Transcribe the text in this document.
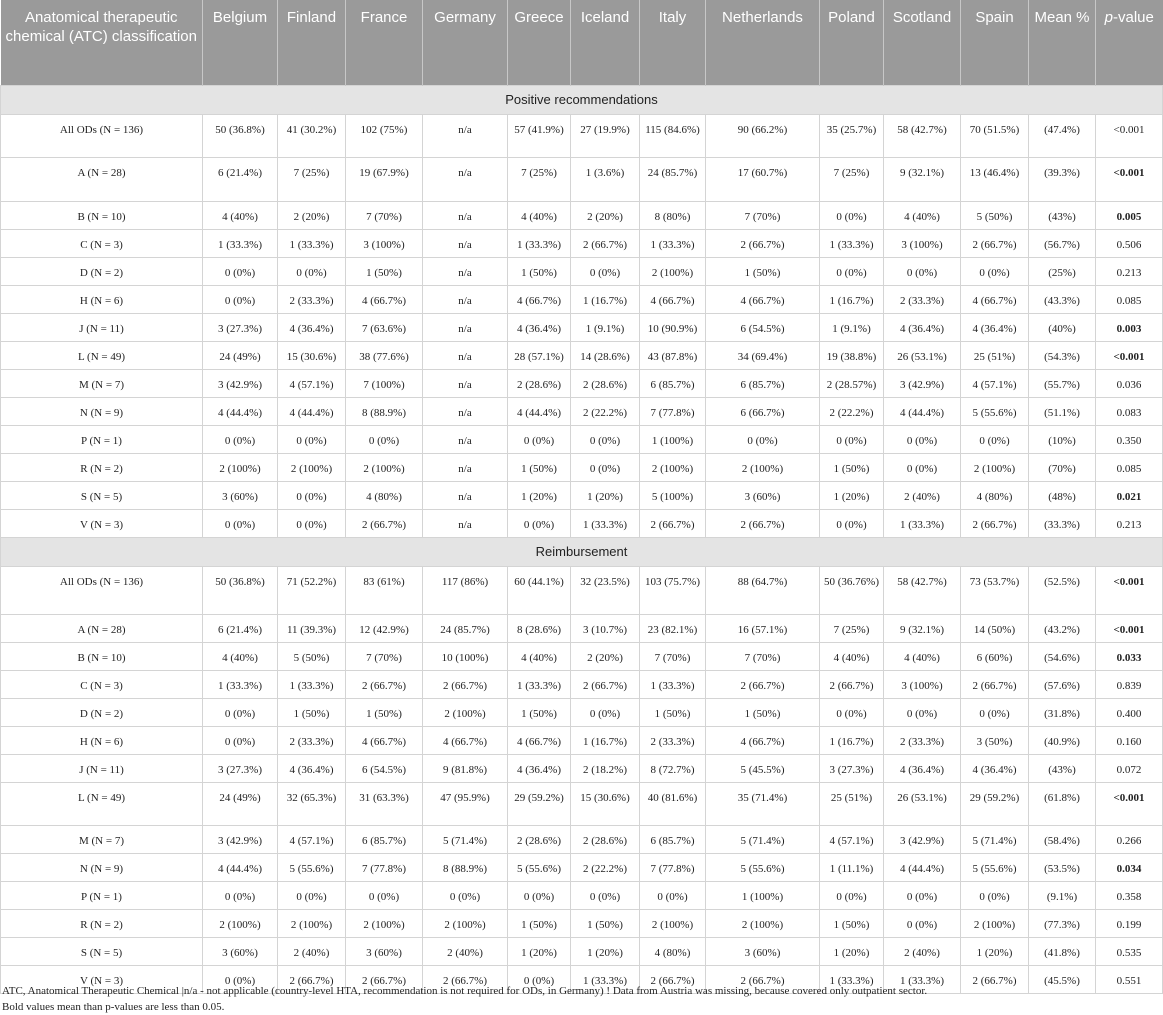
Anatomical therapeutic chemical (ATC) classification	Belgium	Finland	France	Germany	Greece	Iceland	Italy	Netherlands	Poland	Scotland	Spain	Mean %	p-value
Positive recommendations													
All ODs (N = 136)	50 (36.8%)	41 (30.2%)	102 (75%)	n/a	57 (41.9%)	27 (19.9%)	115 (84.6%)	90 (66.2%)	35 (25.7%)	58 (42.7%)	70 (51.5%)	(47.4%)	<0.001
A (N = 28)	6 (21.4%)	7 (25%)	19 (67.9%)	n/a	7 (25%)	1 (3.6%)	24 (85.7%)	17 (60.7%)	7 (25%)	9 (32.1%)	13 (46.4%)	(39.3%)	<0.001
B (N = 10)	4 (40%)	2 (20%)	7 (70%)	n/a	4 (40%)	2 (20%)	8 (80%)	7 (70%)	0 (0%)	4 (40%)	5 (50%)	(43%)	0.005
C (N = 3)	1 (33.3%)	1 (33.3%)	3 (100%)	n/a	1 (33.3%)	2 (66.7%)	1 (33.3%)	2 (66.7%)	1 (33.3%)	3 (100%)	2 (66.7%)	(56.7%)	0.506
D (N = 2)	0 (0%)	0 (0%)	1 (50%)	n/a	1 (50%)	0 (0%)	2 (100%)	1 (50%)	0 (0%)	0 (0%)	0 (0%)	(25%)	0.213
H (N = 6)	0 (0%)	2 (33.3%)	4 (66.7%)	n/a	4 (66.7%)	1 (16.7%)	4 (66.7%)	4 (66.7%)	1 (16.7%)	2 (33.3%)	4 (66.7%)	(43.3%)	0.085
J (N = 11)	3 (27.3%)	4 (36.4%)	7 (63.6%)	n/a	4 (36.4%)	1 (9.1%)	10 (90.9%)	6 (54.5%)	1 (9.1%)	4 (36.4%)	4 (36.4%)	(40%)	0.003
L (N = 49)	24 (49%)	15 (30.6%)	38 (77.6%)	n/a	28 (57.1%)	14 (28.6%)	43 (87.8%)	34 (69.4%)	19 (38.8%)	26 (53.1%)	25 (51%)	(54.3%)	<0.001
M (N = 7)	3 (42.9%)	4 (57.1%)	7 (100%)	n/a	2 (28.6%)	2 (28.6%)	6 (85.7%)	6 (85.7%)	2 (28.57%)	3 (42.9%)	4 (57.1%)	(55.7%)	0.036
N (N = 9)	4 (44.4%)	4 (44.4%)	8 (88.9%)	n/a	4 (44.4%)	2 (22.2%)	7 (77.8%)	6 (66.7%)	2 (22.2%)	4 (44.4%)	5 (55.6%)	(51.1%)	0.083
P (N = 1)	0 (0%)	0 (0%)	0 (0%)	n/a	0 (0%)	0 (0%)	1 (100%)	0 (0%)	0 (0%)	0 (0%)	0 (0%)	(10%)	0.350
R (N = 2)	2 (100%)	2 (100%)	2 (100%)	n/a	1 (50%)	0 (0%)	2 (100%)	2 (100%)	1 (50%)	0 (0%)	2 (100%)	(70%)	0.085
S (N = 5)	3 (60%)	0 (0%)	4 (80%)	n/a	1 (20%)	1 (20%)	5 (100%)	3 (60%)	1 (20%)	2 (40%)	4 (80%)	(48%)	0.021
V (N = 3)	0 (0%)	0 (0%)	2 (66.7%)	n/a	0 (0%)	1 (33.3%)	2 (66.7%)	2 (66.7%)	0 (0%)	1 (33.3%)	2 (66.7%)	(33.3%)	0.213
Reimbursement													
All ODs (N = 136)	50 (36.8%)	71 (52.2%)	83 (61%)	117 (86%)	60 (44.1%)	32 (23.5%)	103 (75.7%)	88 (64.7%)	50 (36.76%)	58 (42.7%)	73 (53.7%)	(52.5%)	<0.001
A (N = 28)	6 (21.4%)	11 (39.3%)	12 (42.9%)	24 (85.7%)	8 (28.6%)	3 (10.7%)	23 (82.1%)	16 (57.1%)	7 (25%)	9 (32.1%)	14 (50%)	(43.2%)	<0.001
B (N = 10)	4 (40%)	5 (50%)	7 (70%)	10 (100%)	4 (40%)	2 (20%)	7 (70%)	7 (70%)	4 (40%)	4 (40%)	6 (60%)	(54.6%)	0.033
C (N = 3)	1 (33.3%)	1 (33.3%)	2 (66.7%)	2 (66.7%)	1 (33.3%)	2 (66.7%)	1 (33.3%)	2 (66.7%)	2 (66.7%)	3 (100%)	2 (66.7%)	(57.6%)	0.839
D (N = 2)	0 (0%)	1 (50%)	1 (50%)	2 (100%)	1 (50%)	0 (0%)	1 (50%)	1 (50%)	0 (0%)	0 (0%)	0 (0%)	(31.8%)	0.400
H (N = 6)	0 (0%)	2 (33.3%)	4 (66.7%)	4 (66.7%)	4 (66.7%)	1 (16.7%)	2 (33.3%)	4 (66.7%)	1 (16.7%)	2 (33.3%)	3 (50%)	(40.9%)	0.160
J (N = 11)	3 (27.3%)	4 (36.4%)	6 (54.5%)	9 (81.8%)	4 (36.4%)	2 (18.2%)	8 (72.7%)	5 (45.5%)	3 (27.3%)	4 (36.4%)	4 (36.4%)	(43%)	0.072
L (N = 49)	24 (49%)	32 (65.3%)	31 (63.3%)	47 (95.9%)	29 (59.2%)	15 (30.6%)	40 (81.6%)	35 (71.4%)	25 (51%)	26 (53.1%)	29 (59.2%)	(61.8%)	<0.001
M (N = 7)	3 (42.9%)	4 (57.1%)	6 (85.7%)	5 (71.4%)	2 (28.6%)	2 (28.6%)	6 (85.7%)	5 (71.4%)	4 (57.1%)	3 (42.9%)	5 (71.4%)	(58.4%)	0.266
N (N = 9)	4 (44.4%)	5 (55.6%)	7 (77.8%)	8 (88.9%)	5 (55.6%)	2 (22.2%)	7 (77.8%)	5 (55.6%)	1 (11.1%)	4 (44.4%)	5 (55.6%)	(53.5%)	0.034
P (N = 1)	0 (0%)	0 (0%)	0 (0%)	0 (0%)	0 (0%)	0 (0%)	0 (0%)	1 (100%)	0 (0%)	0 (0%)	0 (0%)	(9.1%)	0.358
R (N = 2)	2 (100%)	2 (100%)	2 (100%)	2 (100%)	1 (50%)	1 (50%)	2 (100%)	2 (100%)	1 (50%)	0 (0%)	2 (100%)	(77.3%)	0.199
S (N = 5)	3 (60%)	2 (40%)	3 (60%)	2 (40%)	1 (20%)	1 (20%)	4 (80%)	3 (60%)	1 (20%)	2 (40%)	1 (20%)	(41.8%)	0.535
V (N = 3)	0 (0%)	2 (66.7%)	2 (66.7%)	2 (66.7%)	0 (0%)	1 (33.3%)	2 (66.7%)	2 (66.7%)	1 (33.3%)	1 (33.3%)	2 (66.7%)	(45.5%)	0.551
ATC, Anatomical Therapeutic Chemical |n/a - not applicable (country-level HTA, recommendation is not required for ODs, in Germany) ! Data from Austria was missing, because covered only outpatient sector.
Bold values mean than p-values are less than 0.05.
